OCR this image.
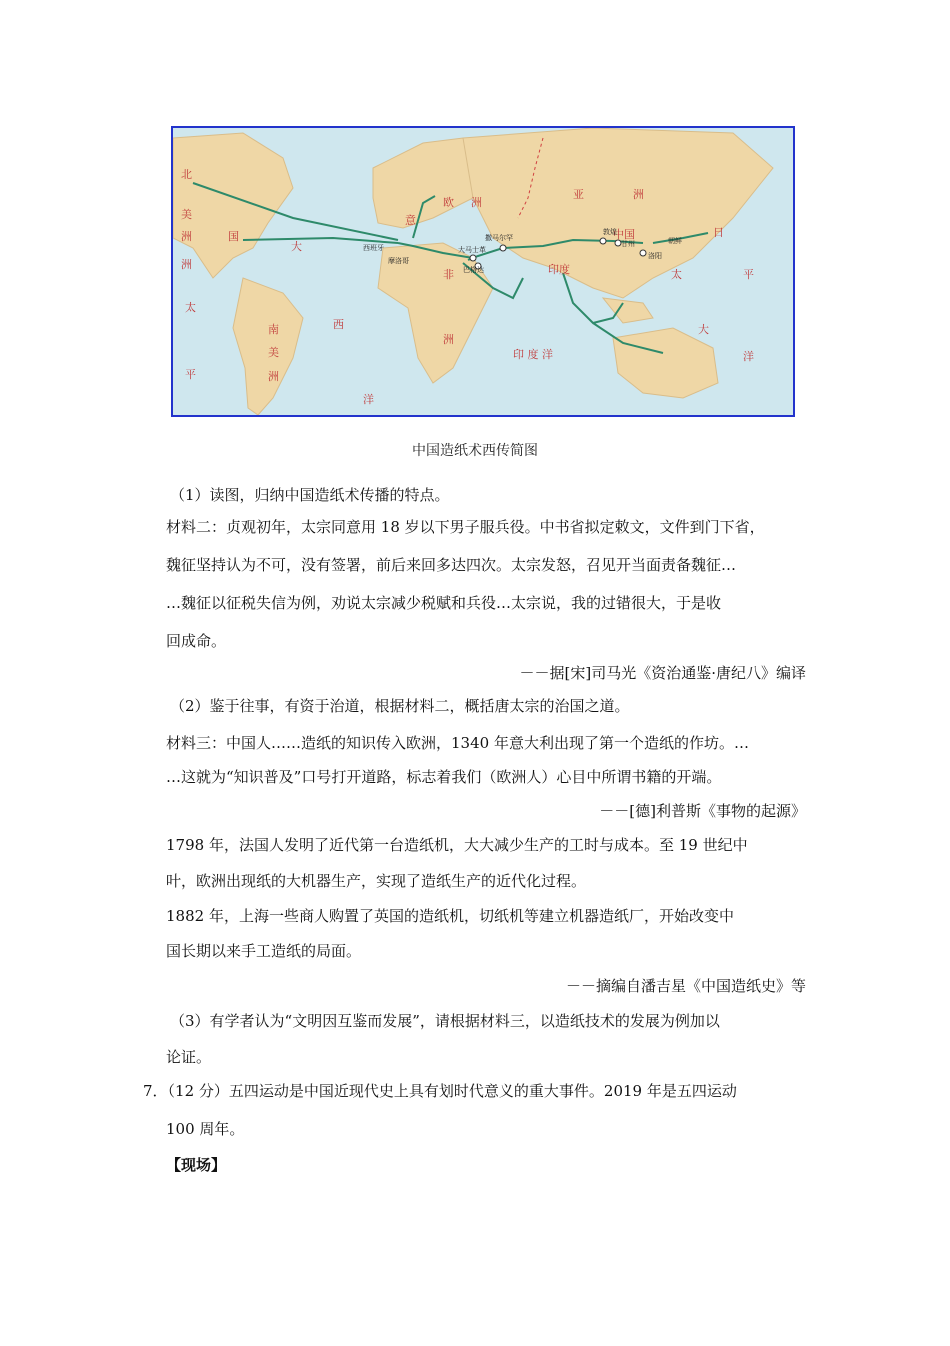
北
美
洲	国
洲
大
西
南
美
洲
太
平
洋
欧 洲
亚	洲
非
洲
印度
印 度 洋
中国	日
太	平
大
洋
意
西班牙
摩洛哥
撒马尔罕
大马士革
巴格达
敦煌
甘州
洛阳
朝鲜
中国造纸术西传简图
（1）读图，归纳中国造纸术传播的特点。
材料二：贞观初年，太宗同意用 18 岁以下男子服兵役。中书省拟定敕文，文件到门下省，
魏征坚持认为不可，没有签署，前后来回多达四次。太宗发怒，召见开当面责备魏征…
…魏征以征税失信为例，劝说太宗减少税赋和兵役…太宗说，我的过错很大，于是收
回成命。
－－据[宋]司马光《资治通鉴·唐纪八》编译
（2）鉴于往事，有资于治道，根据材料二，概括唐太宗的治国之道。
材料三：中国人……造纸的知识传入欧洲，1340 年意大利出现了第一个造纸的作坊。…
…这就为“知识普及”口号打开道路，标志着我们（欧洲人）心目中所谓书籍的开端。
－－[德]利普斯《事物的起源》
1798 年，法国人发明了近代第一台造纸机，大大减少生产的工时与成本。至 19 世纪中
叶，欧洲出现纸的大机器生产，实现了造纸生产的近代化过程。
1882 年，上海一些商人购置了英国的造纸机，切纸机等建立机器造纸厂，开始改变中
国长期以来手工造纸的局面。
－－摘编自潘吉星《中国造纸史》等
（3）有学者认为“文明因互鉴而发展”，请根据材料三，以造纸技术的发展为例加以
论证。
7．（12 分）五四运动是中国近现代史上具有划时代意义的重大事件。2019 年是五四运动
100 周年。
【现场】
